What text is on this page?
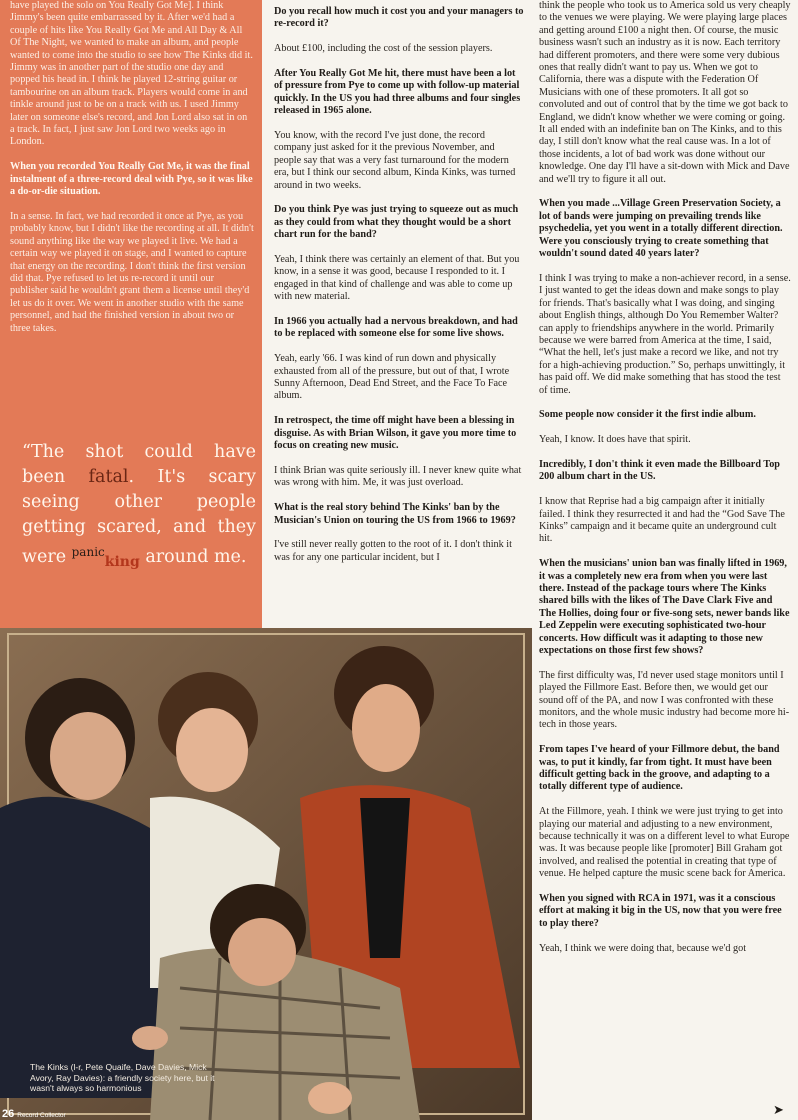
have played the solo on You Really Got Me]. I think Jimmy's been quite embarrassed by it. After we'd had a couple of hits like You Really Got Me and All Day & All Of The Night, we wanted to make an album, and people wanted to come into the studio to see how The Kinks did it. Jimmy was in another part of the studio one day and popped his head in. I think he played 12-string guitar or tambourine on an album track. Players would come in and tinkle around just to be on a track with us. I used Jimmy later on someone else's record, and Jon Lord also sat in on a track. In fact, I just saw Jon Lord two weeks ago in London.

When you recorded You Really Got Me, it was the final instalment of a three-record deal with Pye, so it was like a do-or-die situation.

In a sense. In fact, we had recorded it once at Pye, as you probably know, but I didn't like the recording at all. It didn't sound anything like the way we played it live. We had a certain way we played it on stage, and I wanted to capture that energy on the recording. I don't think the first version did that. Pye refused to let us re-record it until our publisher said he wouldn't grant them a license until they'd let us do it over. We went in another studio with the same personnel, and had the finished version in about two or three takes.

“The shot could have been fatal. It's scary seeing other people getting scared, and they were $^{panic}_{king}$ around me.

Do you recall how much it cost you and your managers to re-record it?

About £100, including the cost of the session players.

After You Really Got Me hit, there must have been a lot of pressure from Pye to come up with follow-up material quickly. In the US you had three albums and four singles released in 1965 alone.

You know, with the record I've just done, the record company just asked for it the previous November, and people say that was a very fast turnaround for the modern era, but I think our second album, Kinda Kinks, was turned around in two weeks.

Do you think Pye was just trying to squeeze out as much as they could from what they thought would be a short chart run for the band?

Yeah, I think there was certainly an element of that. But you know, in a sense it was good, because I responded to it. I engaged in that kind of challenge and was able to come up with new material.

In 1966 you actually had a nervous breakdown, and had to be replaced with someone else for some live shows.

Yeah, early '66. I was kind of run down and physically exhausted from all of the pressure, but out of that, I wrote Sunny Afternoon, Dead End Street, and the Face To Face album.

In retrospect, the time off might have been a blessing in disguise. As with Brian Wilson, it gave you more time to focus on creating new music.

I think Brian was quite seriously ill. I never knew quite what was wrong with him. Me, it was just overload.

What is the real story behind The Kinks' ban by the Musician's Union on touring the US from 1966 to 1969?

I've still never really gotten to the root of it. I don't think it was for any one particular incident, but I

think the people who took us to America sold us very cheaply to the venues we were playing. We were playing large places and getting around £100 a night then. Of course, the music business wasn't such an industry as it is now. Each territory had different promoters, and there were some very dubious ones that really didn't want to pay us. When we got to California, there was a dispute with the Federation Of Musicians with one of these promoters. It all got so convoluted and out of control that by the time we got back to England, we didn't know whether we were coming or going. It all ended with an indefinite ban on The Kinks, and to this day, I still don't know what the real cause was. In a lot of those incidents, a lot of bad work was done without our knowledge. One day I'll have a sit-down with Mick and Dave and we'll try to figure it all out.

When you made ...Village Green Preservation Society, a lot of bands were jumping on prevailing trends like psychedelia, yet you went in a totally different direction. Were you consciously trying to create something that wouldn't sound dated 40 years later?

I think I was trying to make a non-achiever record, in a sense. I just wanted to get the ideas down and make songs to play for friends. That's basically what I was doing, and singing about English things, although Do You Remember Walter? can apply to friendships anywhere in the world. Primarily because we were barred from America at the time, I said, “What the hell, let's just make a record we like, and not try for a high-achieving production.” So, perhaps unwittingly, it has paid off. We did make something that has stood the test of time.

Some people now consider it the first indie album.

Yeah, I know. It does have that spirit.

Incredibly, I don't think it even made the Billboard Top 200 album chart in the US.

I know that Reprise had a big campaign after it initially failed. I think they resurrected it and had the “God Save The Kinks” campaign and it became quite an underground cult hit.

When the musicians' union ban was finally lifted in 1969, it was a completely new era from when you were last there. Instead of the package tours where The Kinks shared bills with the likes of The Dave Clark Five and The Hollies, doing four or five-song sets, newer bands like Led Zeppelin were executing sophisticated two-hour concerts. How difficult was it adapting to those new expectations on those first few shows?

The first difficulty was, I'd never used stage monitors until I played the Fillmore East. Before then, we would get our sound off of the PA, and now I was confronted with these monitors, and the whole music industry had become more hi-tech in those years.

From tapes I've heard of your Fillmore debut, the band was, to put it kindly, far from tight. It must have been difficult getting back in the groove, and adapting to a totally different type of audience.

At the Fillmore, yeah. I think we were just trying to get into playing our material and adjusting to a new environment, because technically it was on a different level to what Europe was. It was because people like [promoter] Bill Graham got involved, and realised the potential in creating that type of venue. He helped capture the music scene back for America.

When you signed with RCA in 1971, was it a conscious effort at making it big in the US, now that you were free to play there?

Yeah, I think we were doing that, because we'd got

The Kinks (l-r, Pete Quaife, Dave Davies, Mick Avory, Ray Davies): a friendly society here, but it wasn't always so harmonious
26 Record Collector	➤
